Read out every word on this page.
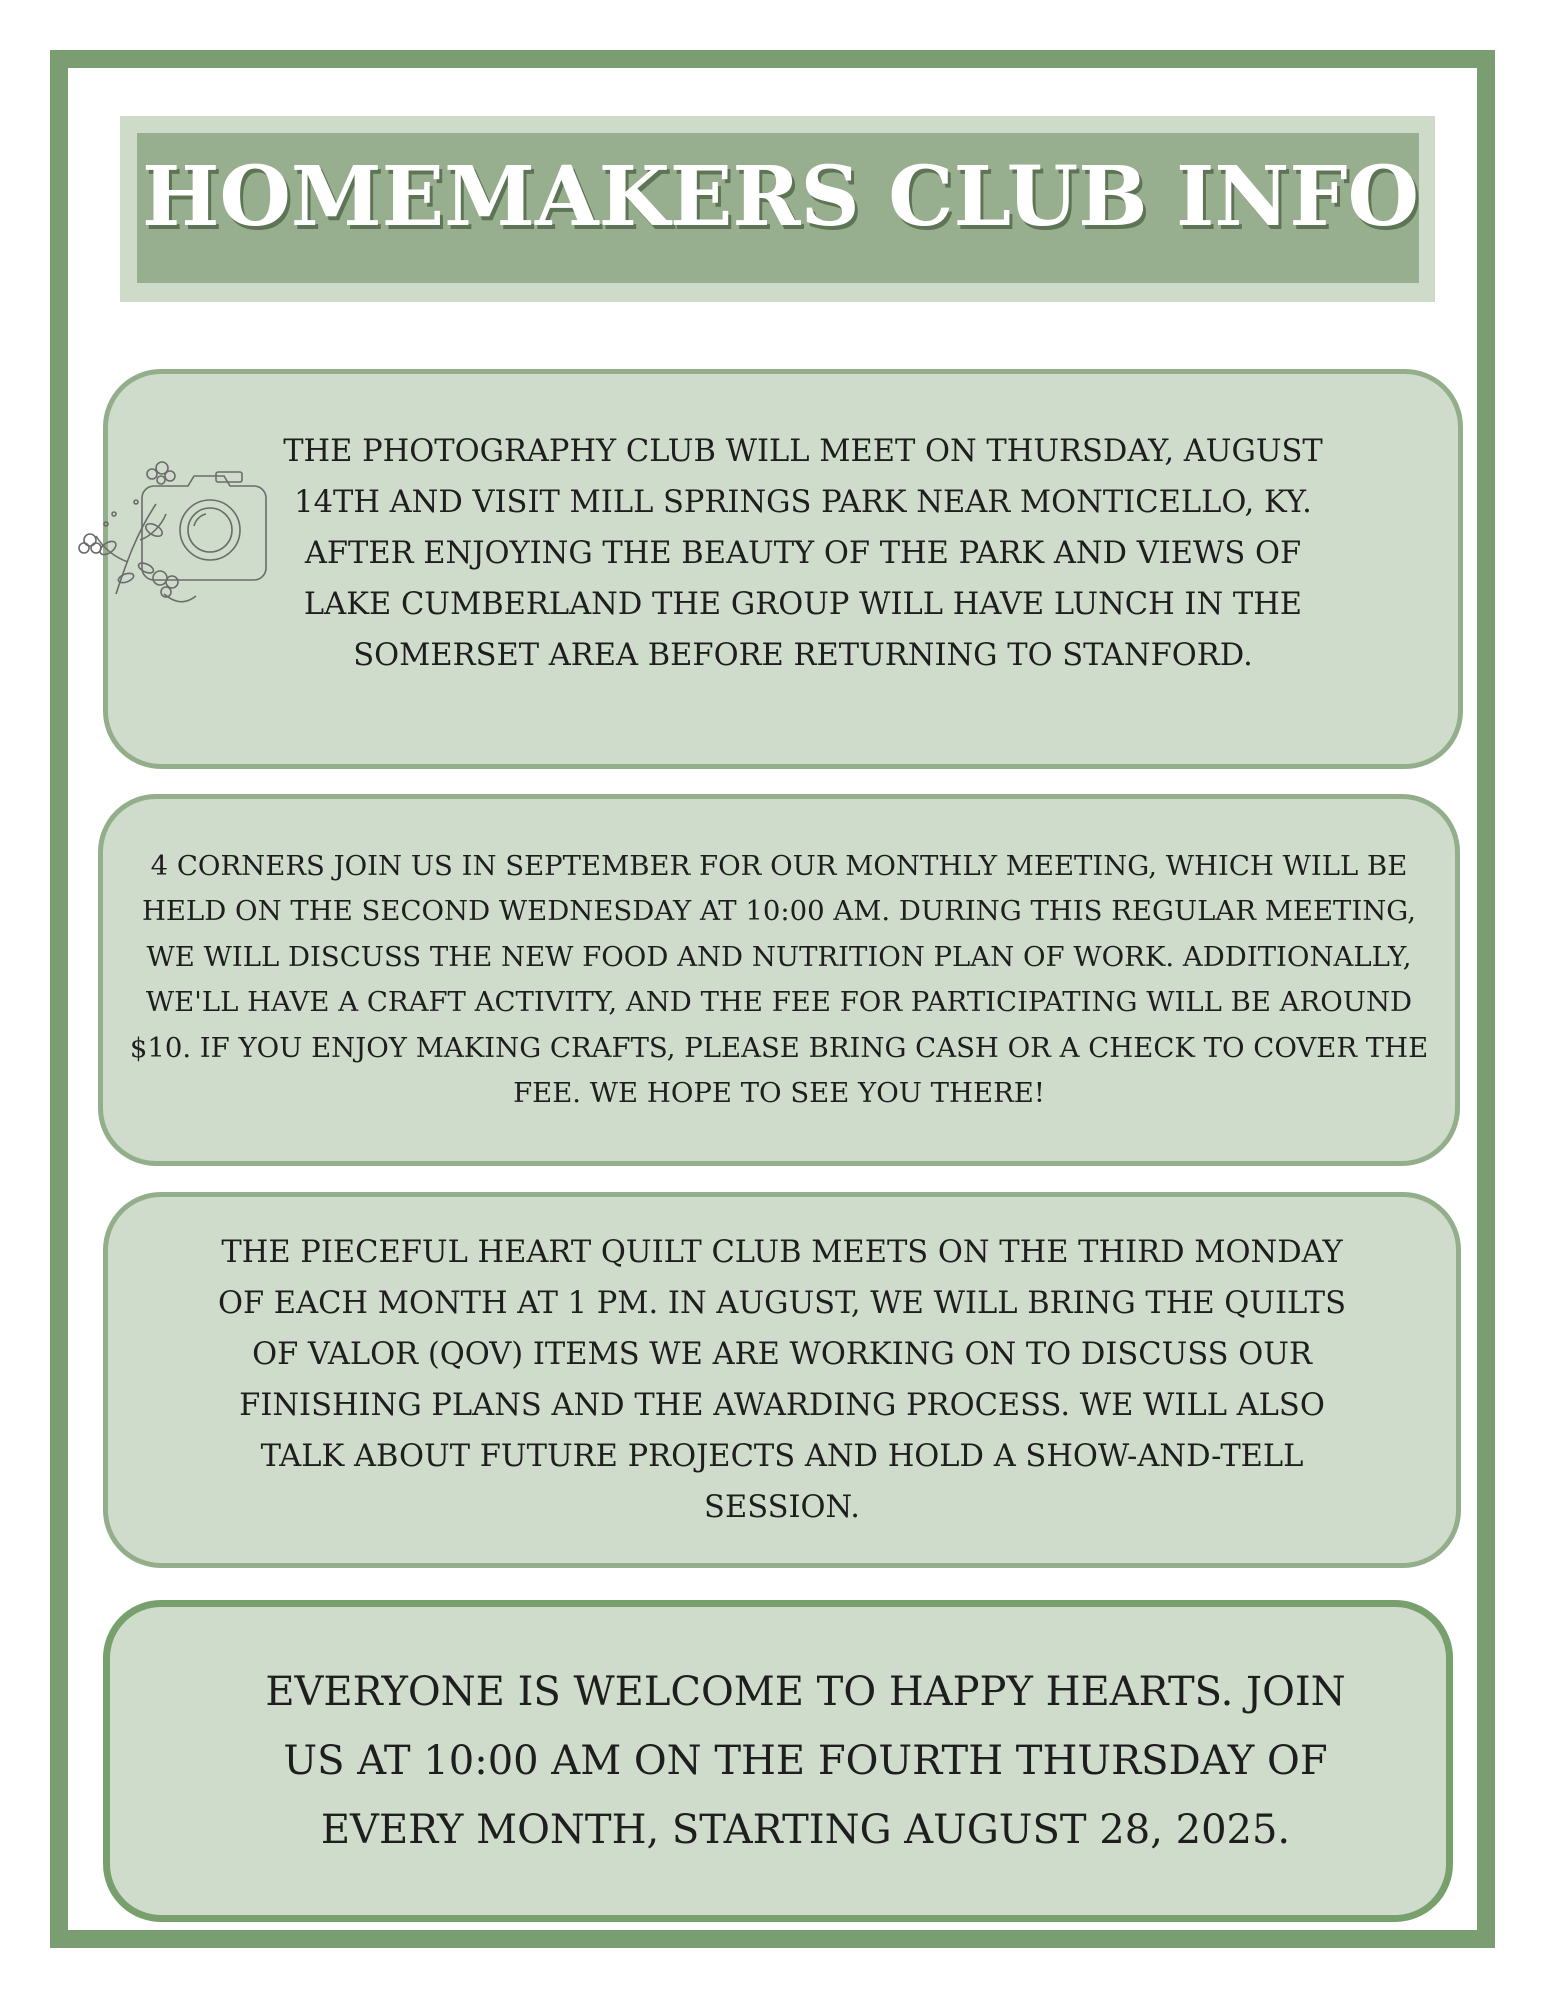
HOMEMAKERS CLUB INFO

THE PHOTOGRAPHY CLUB WILL MEET ON THURSDAY, AUGUST 14TH AND VISIT MILL SPRINGS PARK NEAR MONTICELLO, KY. AFTER ENJOYING THE BEAUTY OF THE PARK AND VIEWS OF LAKE CUMBERLAND THE GROUP WILL HAVE LUNCH IN THE SOMERSET AREA BEFORE RETURNING TO STANFORD.

4 CORNERS JOIN US IN SEPTEMBER FOR OUR MONTHLY MEETING, WHICH WILL BE HELD ON THE SECOND WEDNESDAY AT 10:00 AM. DURING THIS REGULAR MEETING, WE WILL DISCUSS THE NEW FOOD AND NUTRITION PLAN OF WORK. ADDITIONALLY, WE'LL HAVE A CRAFT ACTIVITY, AND THE FEE FOR PARTICIPATING WILL BE AROUND $10. IF YOU ENJOY MAKING CRAFTS, PLEASE BRING CASH OR A CHECK TO COVER THE FEE. WE HOPE TO SEE YOU THERE!

THE PIECEFUL HEART QUILT CLUB MEETS ON THE THIRD MONDAY OF EACH MONTH AT 1 PM. IN AUGUST, WE WILL BRING THE QUILTS OF VALOR (QOV) ITEMS WE ARE WORKING ON TO DISCUSS OUR FINISHING PLANS AND THE AWARDING PROCESS. WE WILL ALSO TALK ABOUT FUTURE PROJECTS AND HOLD A SHOW-AND-TELL SESSION.

EVERYONE IS WELCOME TO HAPPY HEARTS. JOIN US AT 10:00 AM ON THE FOURTH THURSDAY OF EVERY MONTH, STARTING AUGUST 28, 2025.
